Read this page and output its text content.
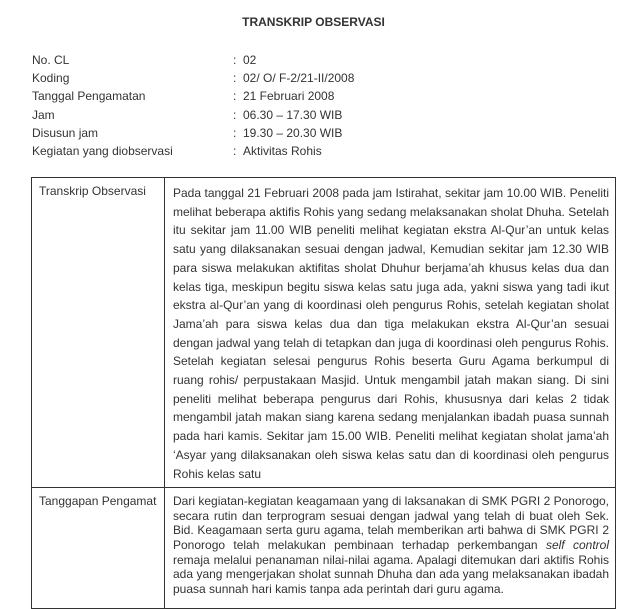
TRANSKRIP OBSERVASI
No. CL	: 02
Koding	: 02/ O/ F-2/21-II/2008
Tanggal Pengamatan	: 21 Februari 2008
Jam	: 06.30 – 17.30 WIB
Disusun jam	: 19.30 – 20.30 WIB
Kegiatan yang diobservasi	: Aktivitas Rohis
Transkrip Observasi	Pada tanggal 21 Februari 2008 pada jam Istirahat, sekitar jam 10.00 WIB. Peneliti melihat beberapa aktifis Rohis yang sedang melaksanakan sholat Dhuha. Setelah itu sekitar jam 11.00 WIB peneliti melihat kegiatan ekstra Al-Qur’an untuk kelas satu yang dilaksanakan sesuai dengan jadwal, Kemudian sekitar jam 12.30 WIB para siswa melakukan aktifitas sholat Dhuhur berjama’ah khusus kelas dua dan kelas tiga, meskipun begitu siswa kelas satu juga ada, yakni siswa yang tadi ikut ekstra al-Qur’an yang di koordinasi oleh pengurus Rohis, setelah kegiatan sholat Jama’ah para siswa kelas dua dan tiga melakukan ekstra Al-Qur’an sesuai dengan jadwal yang telah di tetapkan dan juga di koordinasi oleh pengurus Rohis. Setelah kegiatan selesai pengurus Rohis beserta Guru Agama berkumpul di ruang rohis/ perpustakaan Masjid. Untuk mengambil jatah makan siang. Di sini peneliti melihat beberapa pengurus dari Rohis, khususnya dari kelas 2 tidak mengambil jatah makan siang karena sedang menjalankan ibadah puasa sunnah pada hari kamis. Sekitar jam 15.00 WIB. Peneliti melihat kegiatan sholat jama’ah ‘Asyar yang dilaksanakan oleh siswa kelas satu dan di koordinasi oleh pengurus Rohis kelas satu
Tanggapan Pengamat	Dari kegiatan-kegiatan keagamaan yang di laksanakan di SMK PGRI 2 Ponorogo, secara rutin dan terprogram sesuai dengan jadwal yang telah di buat oleh Sek. Bid. Keagamaan serta guru agama, telah memberikan arti bahwa di SMK PGRI 2 Ponorogo telah melakukan pembinaan terhadap perkembangan self control remaja melalui penanaman nilai-nilai agama. Apalagi ditemukan dari aktifis Rohis ada yang mengerjakan sholat sunnah Dhuha dan ada yang melaksanakan ibadah puasa sunnah hari kamis tanpa ada perintah dari guru agama.
